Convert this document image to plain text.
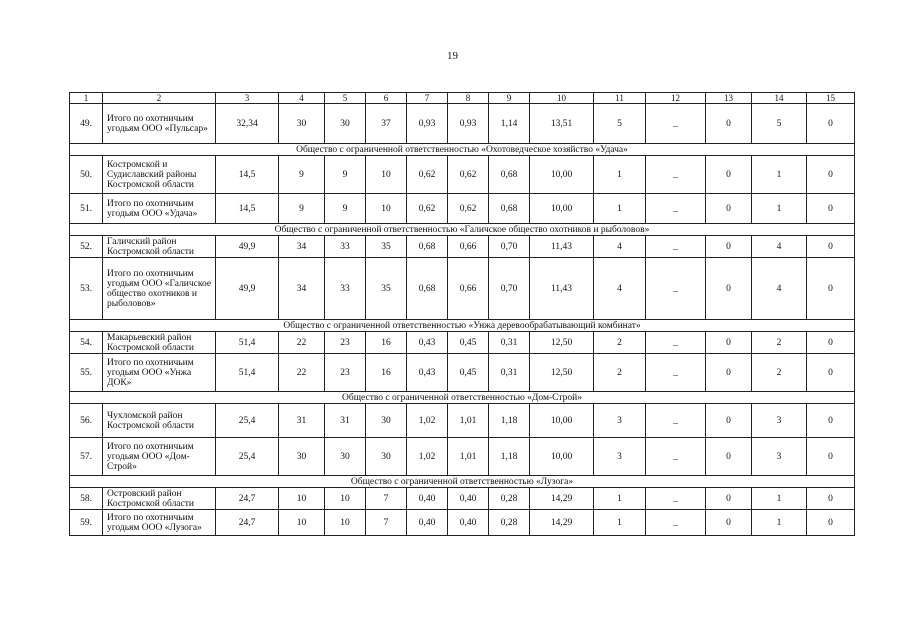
19
1	2	3	4	5	6	7	8	9	10	11	12	13	14	15
49.	Итого по охотничьим угодьям ООО «Пульсар»	32,34	30	30	37	0,93	0,93	1,14	13,51	5	_	0	5	0
Общество с ограниченной ответственностью «Охотоведческое хозяйство «Удача»														
50.	Костромской и Судиславский районы Костромской области	14,5	9	9	10	0,62	0,62	0,68	10,00	1	_	0	1	0
51.	Итого по охотничьим угодьям ООО «Удача»	14,5	9	9	10	0,62	0,62	0,68	10,00	1	_	0	1	0
Общество с ограниченной ответственностью «Галичское общество охотников и рыболовов»														
52.	Галичский район Костромской области	49,9	34	33	35	0,68	0,66	0,70	11,43	4	_	0	4	0
53.	Итого по охотничьим угодьям ООО «Галичское общество охотников и рыболовов»	49,9	34	33	35	0,68	0,66	0,70	11,43	4	_	0	4	0
Общество с ограниченной ответственностью «Унжа деревообрабатывающий комбинат»														
54.	Макарьевский район Костромской области	51,4	22	23	16	0,43	0,45	0,31	12,50	2	_	0	2	0
55.	Итого по охотничьим угодьям ООО «Унжа ДОК»	51,4	22	23	16	0,43	0,45	0,31	12,50	2	_	0	2	0
Общество с ограниченной ответственностью «Дом-Строй»														
56.	Чухломской район Костромской области	25,4	31	31	30	1,02	1,01	1,18	10,00	3	_	0	3	0
57.	Итого по охотничьим угодьям ООО «Дом-Строй»	25,4	30	30	30	1,02	1,01	1,18	10,00	3	_	0	3	0
Общество с ограниченной ответственностью «Лузога»														
58.	Островский район Костромской области	24,7	10	10	7	0,40	0,40	0,28	14,29	1	_	0	1	0
59.	Итого по охотничьим угодьям ООО «Лузога»	24,7	10	10	7	0,40	0,40	0,28	14,29	1	_	0	1	0
